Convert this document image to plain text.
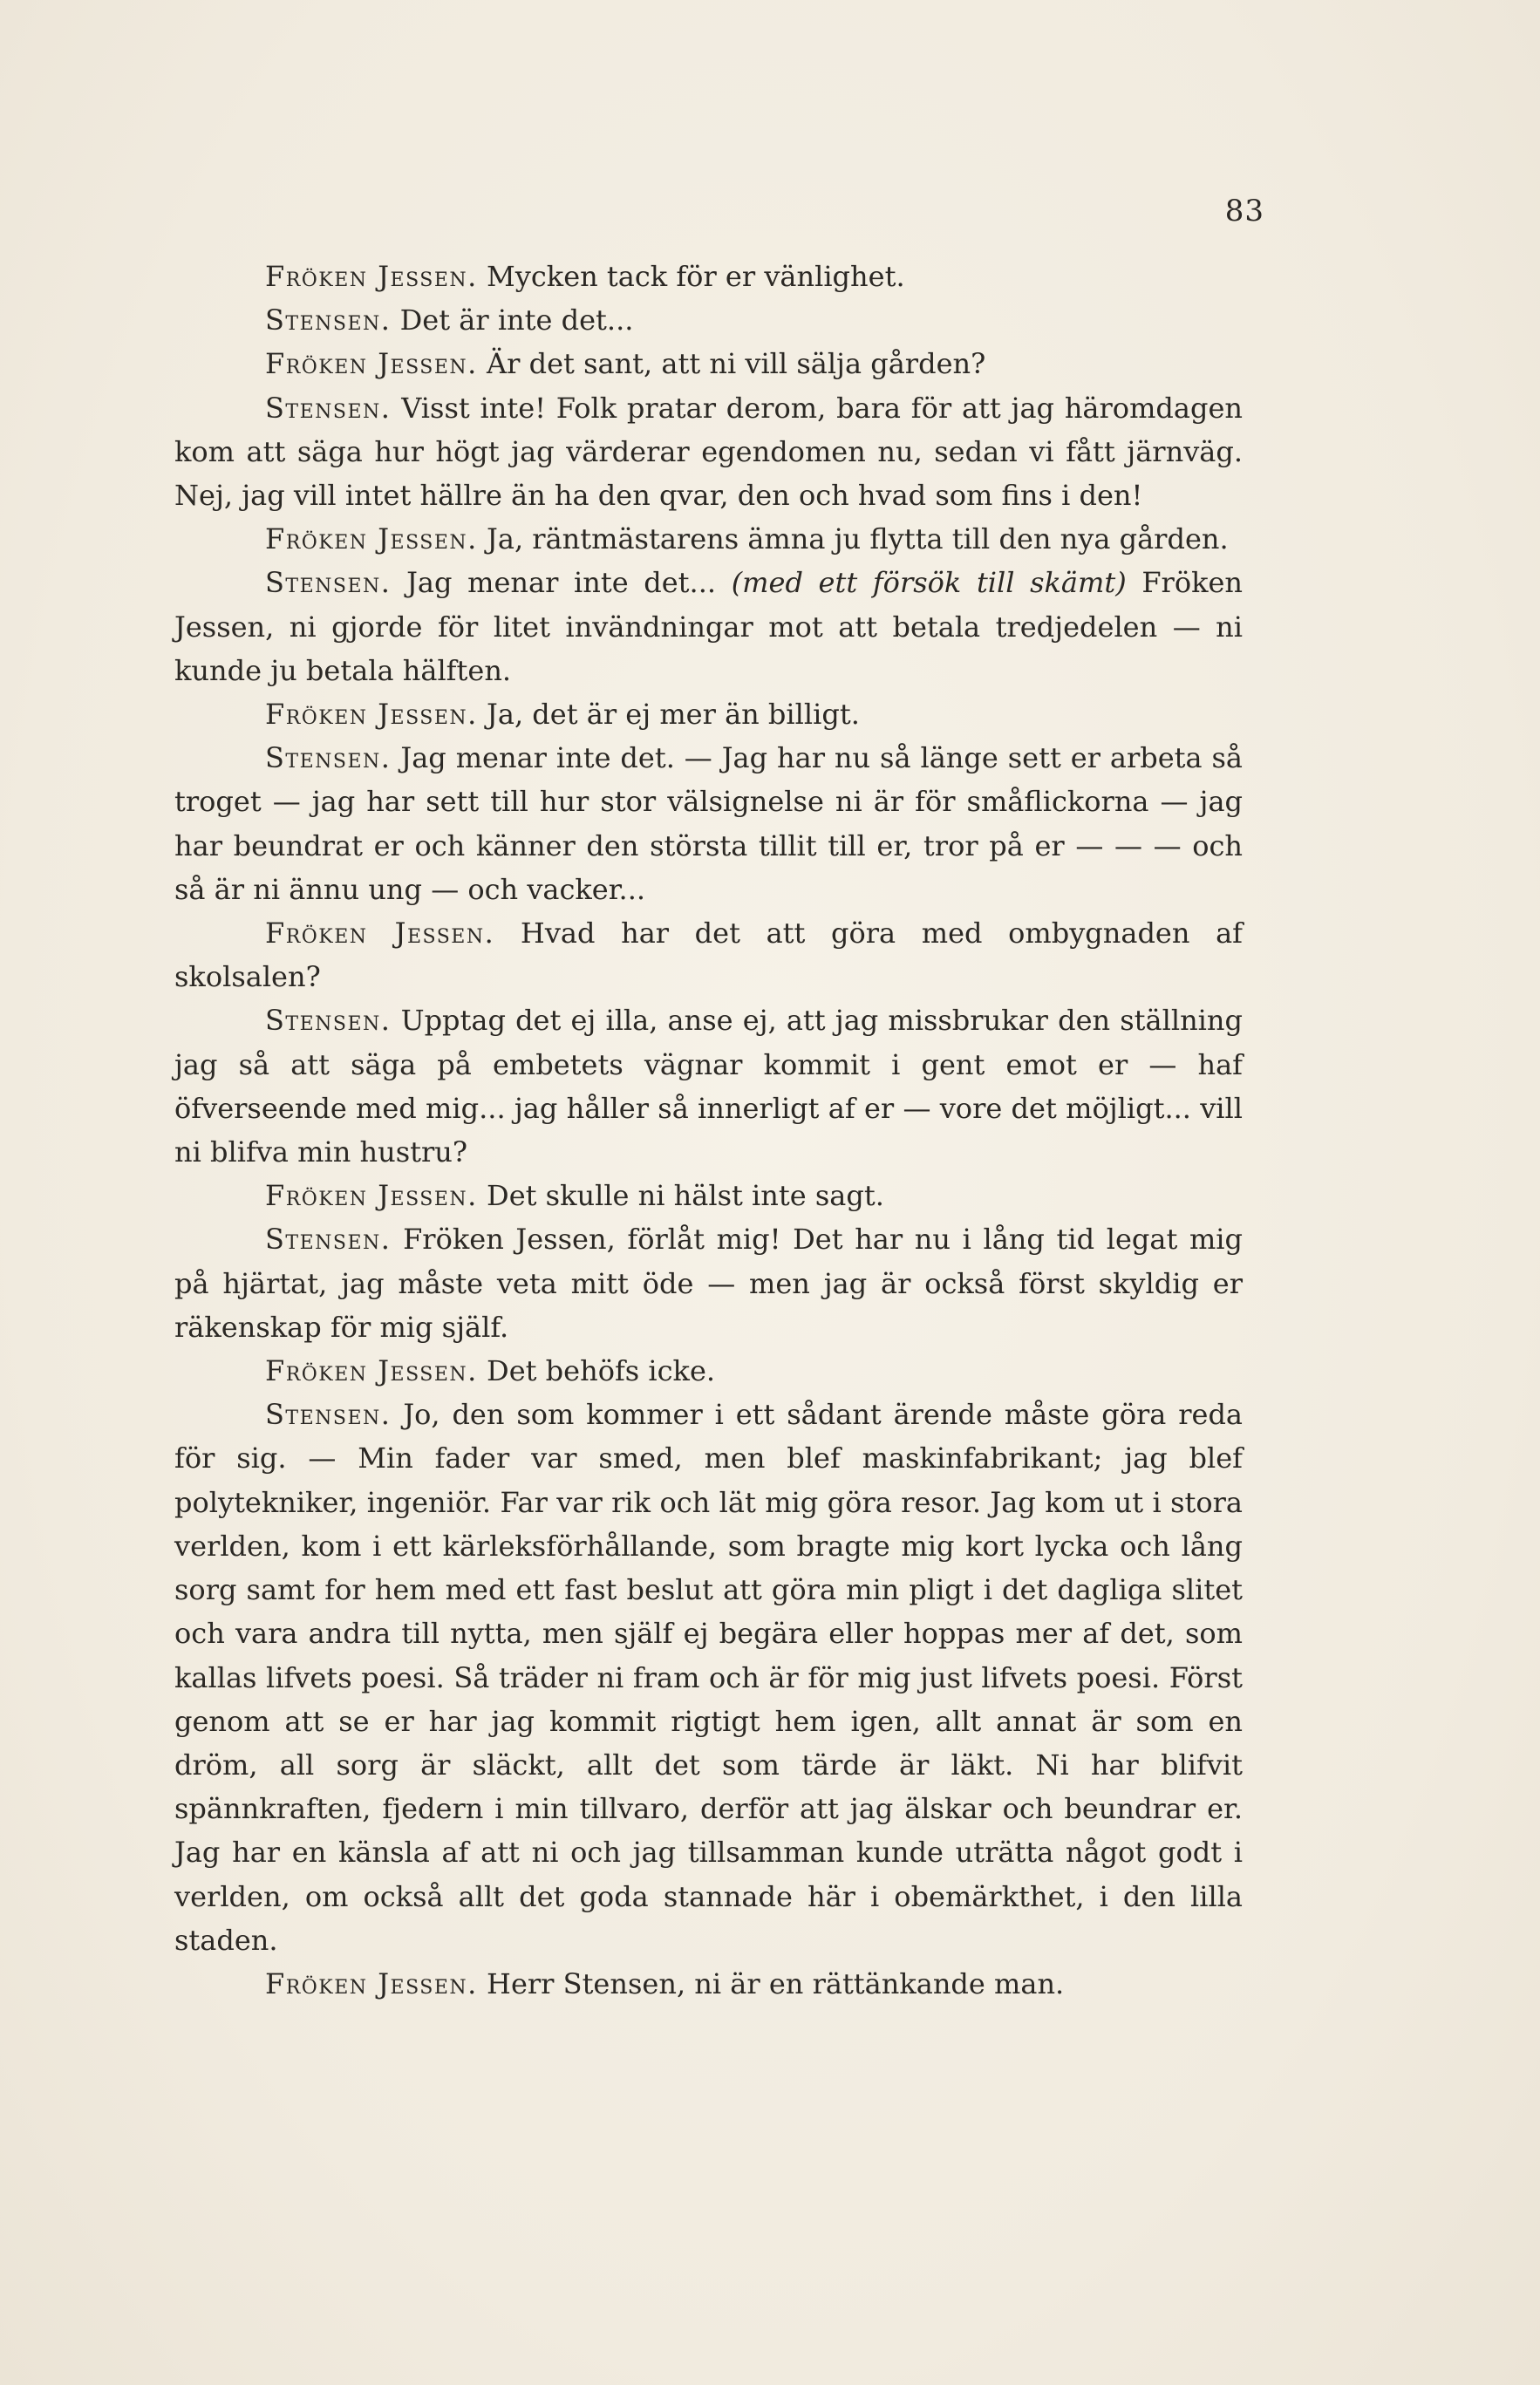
83

Fröken Jessen. Mycken tack för er vänlighet.

Stensen. Det är inte det...

Fröken Jessen. Är det sant, att ni vill sälja gården?

Stensen. Visst inte! Folk pratar derom, bara för att jag häromdagen kom att säga hur högt jag värderar egendomen nu, sedan vi fått järnväg. Nej, jag vill intet hällre än ha den qvar, den och hvad som fins i den!

Fröken Jessen. Ja, räntmästarens ämna ju flytta till den nya gården.

Stensen. Jag menar inte det... (med ett försök till skämt) Fröken Jessen, ni gjorde för litet invändningar mot att betala tredjedelen — ni kunde ju betala hälften.

Fröken Jessen. Ja, det är ej mer än billigt.

Stensen. Jag menar inte det. — Jag har nu så länge sett er arbeta så troget — jag har sett till hur stor välsignelse ni är för småflickorna — jag har beundrat er och känner den största tillit till er, tror på er — — — och så är ni ännu ung — och vacker...

Fröken Jessen. Hvad har det att göra med ombygnaden af skolsalen?

Stensen. Upptag det ej illa, anse ej, att jag missbrukar den ställning jag så att säga på embetets vägnar kommit i gent emot er — haf öfverseende med mig... jag håller så innerligt af er — vore det möjligt... vill ni blifva min hustru?

Fröken Jessen. Det skulle ni hälst inte sagt.

Stensen. Fröken Jessen, förlåt mig! Det har nu i lång tid legat mig på hjärtat, jag måste veta mitt öde — men jag är också först skyldig er räkenskap för mig själf.

Fröken Jessen. Det behöfs icke.

Stensen. Jo, den som kommer i ett sådant ärende måste göra reda för sig. — Min fader var smed, men blef maskinfabrikant; jag blef polytekniker, ingeniör. Far var rik och lät mig göra resor. Jag kom ut i stora verlden, kom i ett kärleksförhållande, som bragte mig kort lycka och lång sorg samt for hem med ett fast beslut att göra min pligt i det dagliga slitet och vara andra till nytta, men själf ej begära eller hoppas mer af det, som kallas lifvets poesi. Så träder ni fram och är för mig just lifvets poesi. Först genom att se er har jag kommit rigtigt hem igen, allt annat är som en dröm, all sorg är släckt, allt det som tärde är läkt. Ni har blifvit spännkraften, fjedern i min tillvaro, derför att jag älskar och beundrar er. Jag har en känsla af att ni och jag tillsamman kunde uträtta något godt i verlden, om också allt det goda stannade här i obemärkthet, i den lilla staden.

Fröken Jessen. Herr Stensen, ni är en rättänkande man.
